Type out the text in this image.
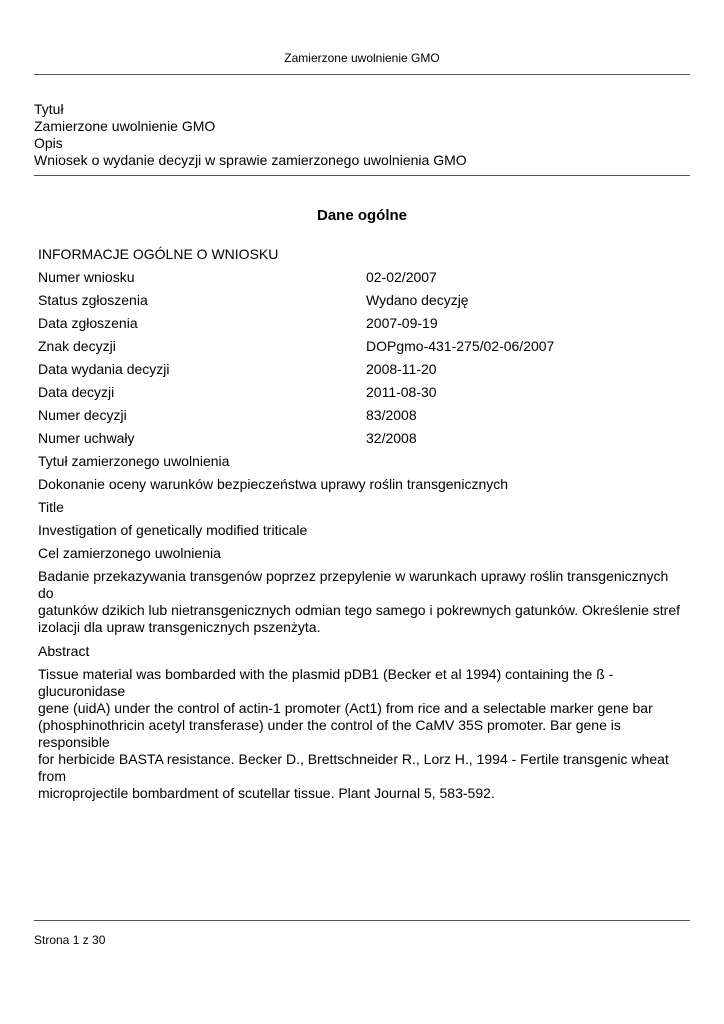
Zamierzone uwolnienie GMO
Tytuł
Zamierzone uwolnienie GMO
Opis
Wniosek o wydanie decyzji w sprawie zamierzonego uwolnienia GMO
Dane ogólne
INFORMACJE OGÓLNE O WNIOSKU
Numer wniosku	02-02/2007
Status zgłoszenia	Wydano decyzję
Data zgłoszenia	2007-09-19
Znak decyzji	DOPgmo-431-275/02-06/2007
Data wydania decyzji	2008-11-20
Data decyzji	2011-08-30
Numer decyzji	83/2008
Numer uchwały	32/2008
Tytuł zamierzonego uwolnienia
Dokonanie oceny warunków bezpieczeństwa uprawy roślin transgenicznych
Title
Investigation of genetically modified triticale
Cel zamierzonego uwolnienia
Badanie przekazywania transgenów poprzez przepylenie w warunkach uprawy roślin transgenicznych do
gatunków dzikich lub nietransgenicznych odmian tego samego i pokrewnych gatunków. Określenie stref
izolacji dla upraw transgenicznych pszenżyta.
Abstract
Tissue material was bombarded with the plasmid pDB1 (Becker et al 1994) containing the ß - glucuronidase
gene (uidA) under the control of actin-1 promoter (Act1) from rice and a selectable marker gene bar
(phosphinothricin acetyl transferase) under the control of the CaMV 35S promoter. Bar gene is responsible
for herbicide BASTA resistance. Becker D., Brettschneider R., Lorz H., 1994 - Fertile transgenic wheat from
microprojectile bombardment of scutellar tissue. Plant Journal 5, 583-592.
Strona 1 z 30
